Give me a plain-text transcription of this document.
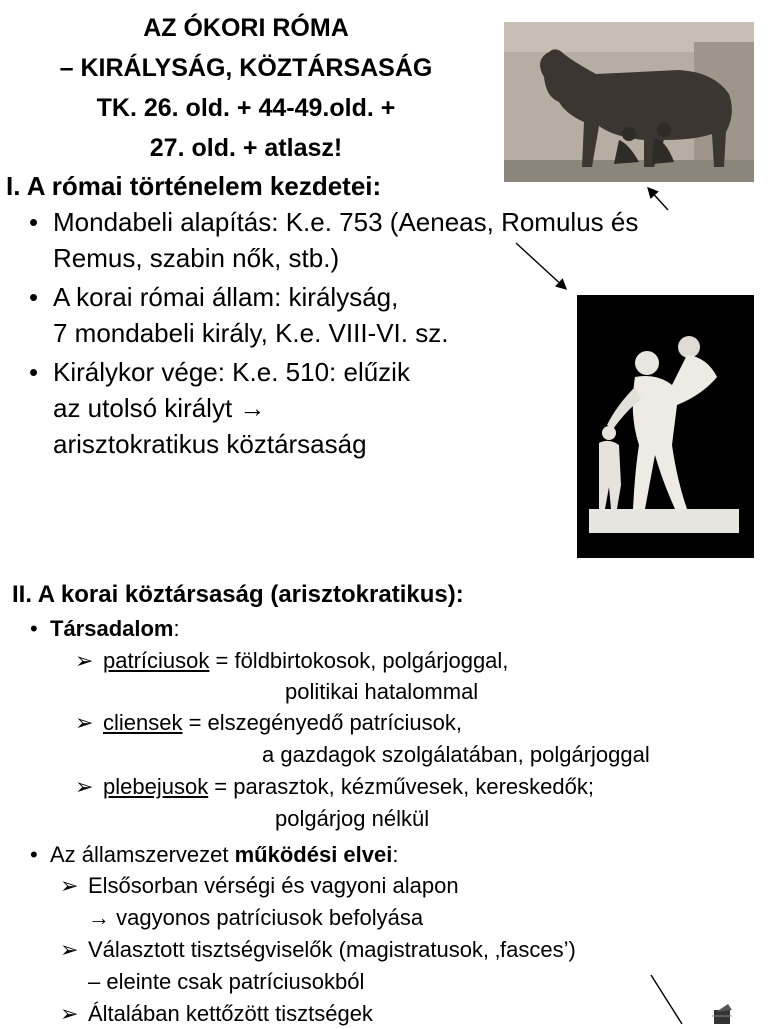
AZ ÓKORI RÓMA
– KIRÁLYSÁG, KÖZTÁRSASÁG
TK. 26. old. + 44-49.old. +
27. old. + atlasz!
I. A római történelem kezdetei:
• Mondabeli alapítás: K.e. 753 (Aeneas, Romulus és
Remus, szabin nők, stb.)
• A korai római állam: királyság,
7 mondabeli király, K.e. VIII-VI. sz.
• Királykor vége: K.e. 510: elűzik
az utolsó királyt →
arisztokratikus köztársaság
II. A korai köztársaság (arisztokratikus):
• Társadalom:
➢ patríciusok = földbirtokosok, polgárjoggal,
politikai hatalommal
➢ cliensek = elszegényedő patríciusok,
a gazdagok szolgálatában, polgárjoggal
➢ plebejusok = parasztok, kézművesek, kereskedők;
polgárjog nélkül
• Az államszervezet működési elvei:
➢ Elsősorban vérségi és vagyoni alapon
→ vagyonos patríciusok befolyása
➢ Választott tisztségviselők (magistratusok, ‚fasces’)
– eleinte csak patríciusokból
➢ Általában kettőzött tisztségek
